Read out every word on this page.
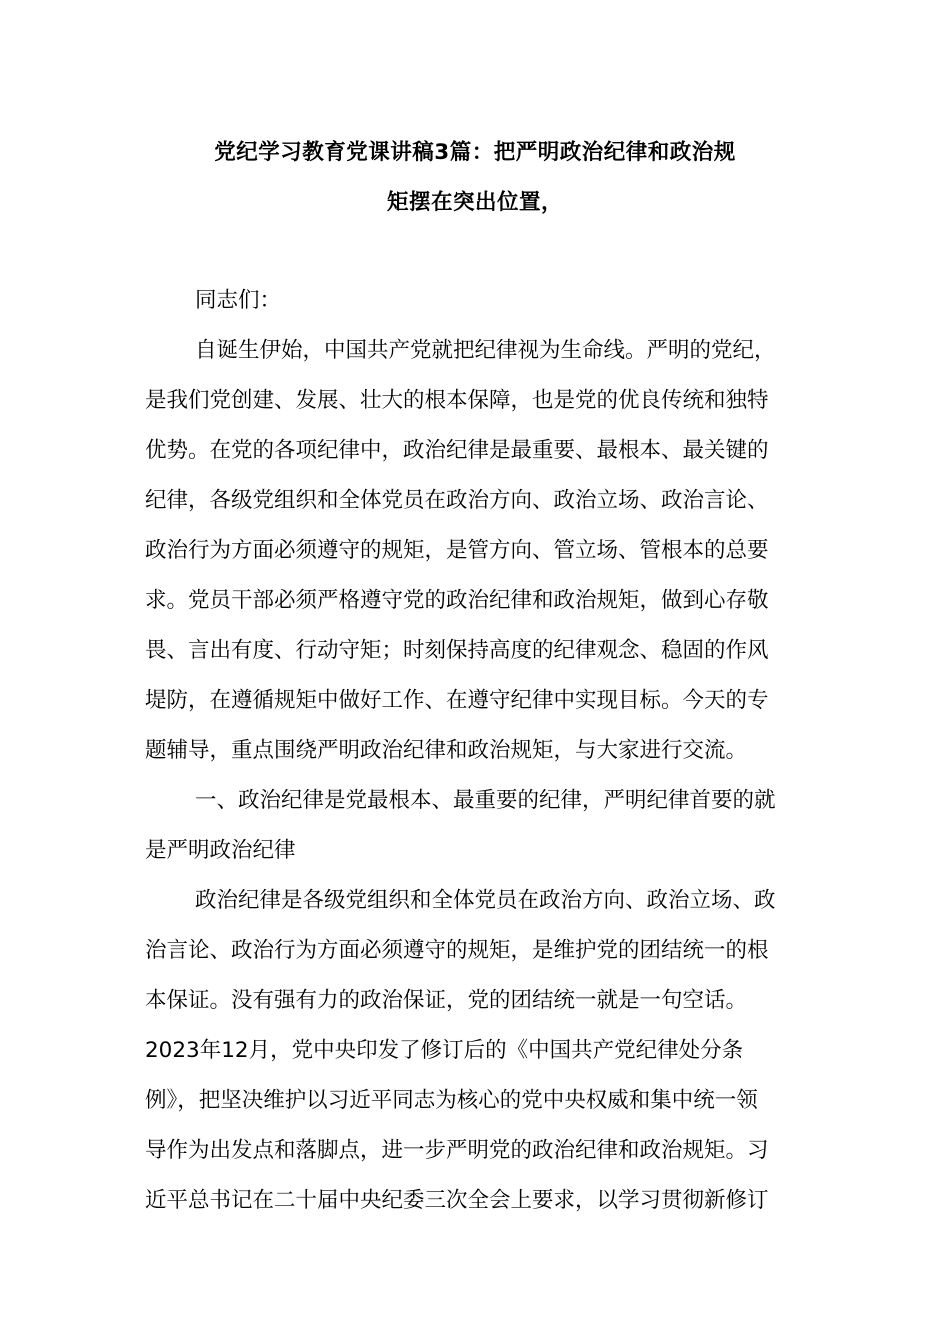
党纪学习教育党课讲稿3篇：把严明政治纪律和政治规
矩摆在突出位置，
同志们：
自诞生伊始，中国共产党就把纪律视为生命线。严明的党纪，
是我们党创建、发展、壮大的根本保障，也是党的优良传统和独特
优势。在党的各项纪律中，政治纪律是最重要、最根本、最关键的
纪律，各级党组织和全体党员在政治方向、政治立场、政治言论、
政治行为方面必须遵守的规矩，是管方向、管立场、管根本的总要
求。党员干部必须严格遵守党的政治纪律和政治规矩，做到心存敬
畏、言出有度、行动守矩；时刻保持高度的纪律观念、稳固的作风
堤防，在遵循规矩中做好工作、在遵守纪律中实现目标。今天的专
题辅导，重点围绕严明政治纪律和政治规矩，与大家进行交流。
一、政治纪律是党最根本、最重要的纪律，严明纪律首要的就
是严明政治纪律
政治纪律是各级党组织和全体党员在政治方向、政治立场、政
治言论、政治行为方面必须遵守的规矩，是维护党的团结统一的根
本保证。没有强有力的政治保证，党的团结统一就是一句空话。
2023年12月，党中央印发了修订后的《中国共产党纪律处分条
例》，把坚决维护以习近平同志为核心的党中央权威和集中统一领
导作为出发点和落脚点，进一步严明党的政治纪律和政治规矩。习
近平总书记在二十届中央纪委三次全会上要求，以学习贯彻新修订
